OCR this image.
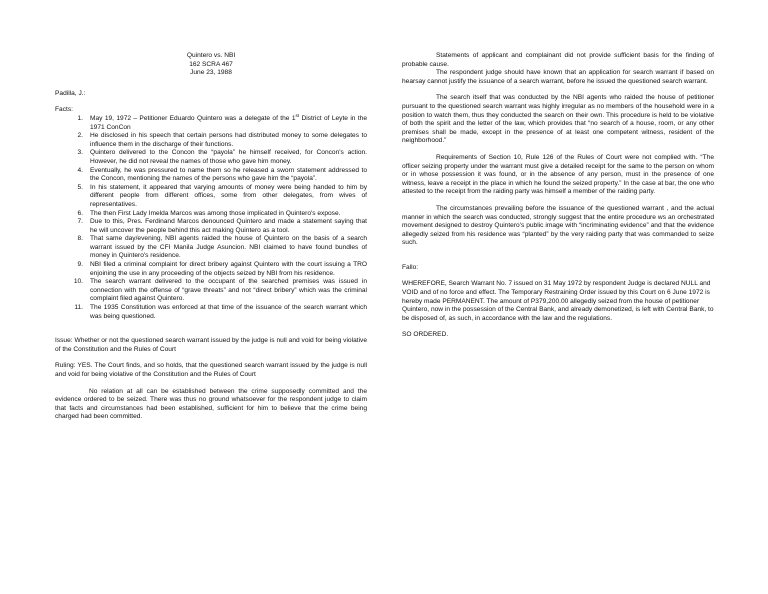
Quintero vs. NBI
162 SCRA 467
June 23, 1988
Padilla, J.:
Facts:
1. May 19, 1972 – Petitioner Eduardo Quintero was a delegate of the 1st District of Leyte in the 1971 ConCon
2. He disclosed in his speech that certain persons had distributed money to some delegates to influence them in the discharge of their functions.
3. Quintero delivered to the Concon the “payola” he himself received, for Concon's action. However, he did not reveal the names of those who gave him money.
4. Eventually, he was pressured to name them so he released a sworn statement addressed to the Concon, mentioning the names of the persons who gave him the “payola”.
5. In his statement, it appeared that varying amounts of money were being handed to him by different people from different offices, some from other delegates, from wives of representatives.
6. The then First Lady Imelda Marcos was among those implicated in Quintero's expose.
7. Due to this, Pres. Ferdinand Marcos denounced Quintero and made a statement saying that he will uncover the people behind this act making Quintero as a tool.
8. That same day/evening, NBI agents raided the house of Quintero on the basis of a search warrant issued by the CFI Manila Judge Asuncion. NBI claimed to have found bundles of money in Quintero's residence.
9. NBI filed a criminal complaint for direct bribery against Quintero with the court issuing a TRO enjoining the use in any proceeding of the objects seized by NBI from his residence.
10. The search warrant delivered to the occupant of the searched premises was issued in connection with the offense of “grave threats” and not “direct bribery” which was the criminal complaint filed against Quintero.
11. The 1935 Constitution was enforced at that time of the issuance of the search warrant which was being questioned.
Issue: Whether or not the questioned search warrant issued by the judge is null and void for being violative of the Constitution and the Rules of Court
Ruling: YES. The Court finds, and so holds, that the questioned search warrant issued by the judge is null and void for being violative of the Constitution and the Rules of Court
No relation at all can be established between the crime supposedly committed and the evidence ordered to be seized. There was thus no ground whatsoever for the respondent judge to claim that facts and circumstances had been established, sufficient for him to believe that the crime being charged had been committed.
Statements of applicant and complainant did not provide sufficient basis for the finding of probable cause.
The respondent judge should have known that an application for search warrant if based on hearsay cannot justify the issuance of a search warrant, before he issued the questioned search warrant.
The search itself that was conducted by the NBI agents who raided the house of petitioner pursuant to the questioned search warrant was highly irregular as no members of the household were in a position to watch them, thus they conducted the search on their own. This procedure is held to be violative of both the spirit and the letter of the law, which provides that “no search of a house, room, or any other premises shall be made, except in the presence of at least one competent witness, resident of the neighborhood.”
Requirements of Section 10, Rule 126 of the Rules of Court were not complied with. “The officer seizing property under the warrant must give a detailed receipt for the same to the person on whom or in whose possession it was found, or in the absence of any person, must in the presence of one witness, leave a receipt in the place in which he found the seized property.” In the case at bar, the one who attested to the receipt from the raiding party was himself a member of the raiding party.
The circumstances prevailing before the issuance of the questioned warrant , and the actual manner in which the search was conducted, strongly suggest that the entire procedure ws an orchestrated movement designed to destroy Quintero's public image with “incriminating evidence” and that the evidence allegedly seized from his residence was “planted” by the very raiding party that was commanded to seize such.
Fallo:
WHEREFORE, Search Warrant No. 7 issued on 31 May 1972 by respondent Judge is declared NULL and VOID and of no force and effect. The Temporary Restraining Order issued by this Court on 6 June 1972 is hereby made PERMANENT. The amount of P379,200.00 allegedly seized from the house of petitioner Quintero, now in the possession of the Central Bank, and already demonetized, is left with Central Bank, to be disposed of, as such, in accordance with the law and the regulations.
SO ORDERED.
